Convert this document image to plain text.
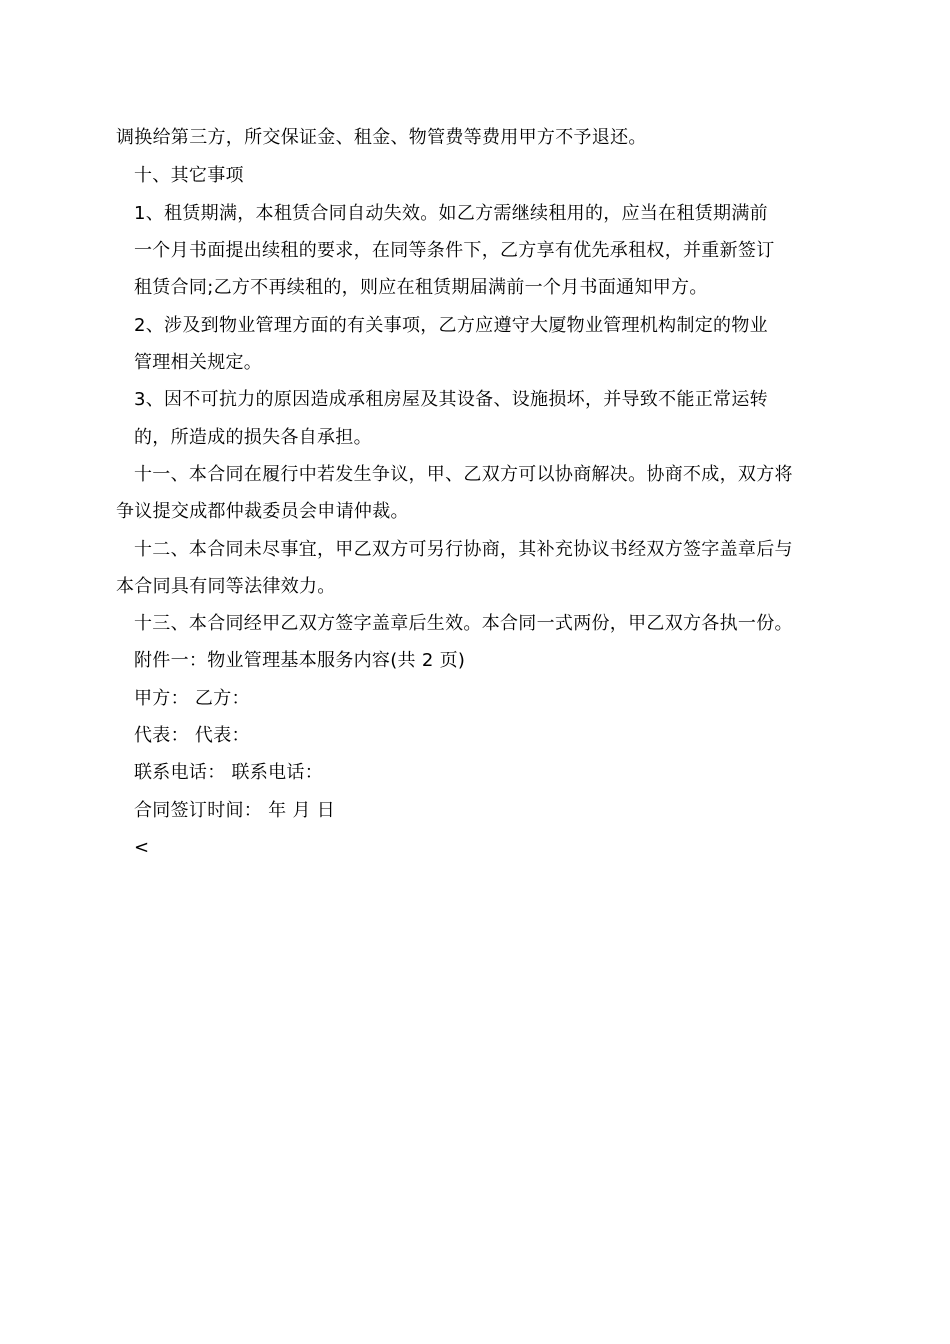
调换给第三方，所交保证金、租金、物管费等费用甲方不予退还。
十、其它事项
1、租赁期满，本租赁合同自动失效。如乙方需继续租用的，应当在租赁期满前
一个月书面提出续租的要求，在同等条件下，乙方享有优先承租权，并重新签订
租赁合同;乙方不再续租的，则应在租赁期届满前一个月书面通知甲方。
2、涉及到物业管理方面的有关事项，乙方应遵守大厦物业管理机构制定的物业
管理相关规定。
3、因不可抗力的原因造成承租房屋及其设备、设施损坏，并导致不能正常运转
的，所造成的损失各自承担。
十一、本合同在履行中若发生争议，甲、乙双方可以协商解决。协商不成，双方将
争议提交成都仲裁委员会申请仲裁。
十二、本合同未尽事宜，甲乙双方可另行协商，其补充协议书经双方签字盖章后与
本合同具有同等法律效力。
十三、本合同经甲乙双方签字盖章后生效。本合同一式两份，甲乙双方各执一份。
附件一：物业管理基本服务内容(共 2 页)
甲方： 乙方：
代表： 代表：
联系电话： 联系电话：
合同签订时间： 年 月 日
<
